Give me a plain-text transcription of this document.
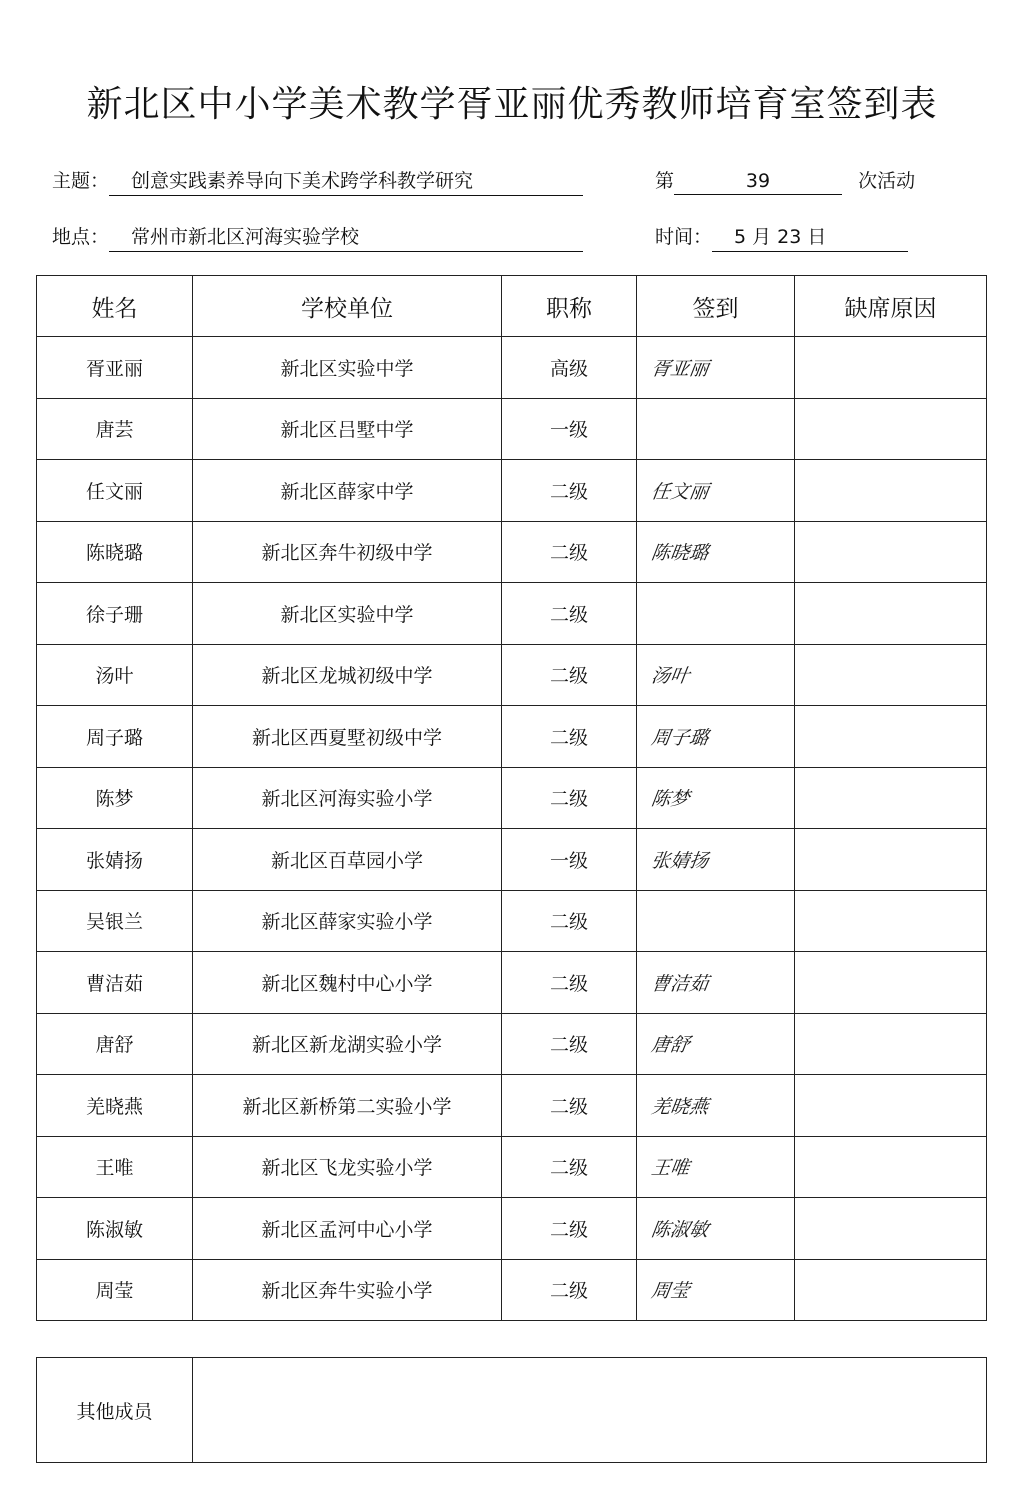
新北区中小学美术教学胥亚丽优秀教师培育室签到表
主题： 创意实践素养导向下美术跨学科教学研究	第	39	次活动
地点： 常州市新北区河海实验学校	时间： 5 月 23 日
姓名	学校单位	职称	签到	缺席原因
胥亚丽	新北区实验中学	高级	胥亚丽	
唐芸	新北区吕墅中学	一级		
任文丽	新北区薛家中学	二级	任文丽	
陈晓璐	新北区奔牛初级中学	二级	陈晓璐	
徐子珊	新北区实验中学	二级		
汤叶	新北区龙城初级中学	二级	汤叶	
周子璐	新北区西夏墅初级中学	二级	周子璐	
陈梦	新北区河海实验小学	二级	陈梦	
张婧扬	新北区百草园小学	一级	张婧扬	
吴银兰	新北区薛家实验小学	二级		
曹洁茹	新北区魏村中心小学	二级	曹洁茹	
唐舒	新北区新龙湖实验小学	二级	唐舒	
羌晓燕	新北区新桥第二实验小学	二级	羌晓燕	
王唯	新北区飞龙实验小学	二级	王唯	
陈淑敏	新北区孟河中心小学	二级	陈淑敏	
周莹	新北区奔牛实验小学	二级	周莹	
其他成员	
